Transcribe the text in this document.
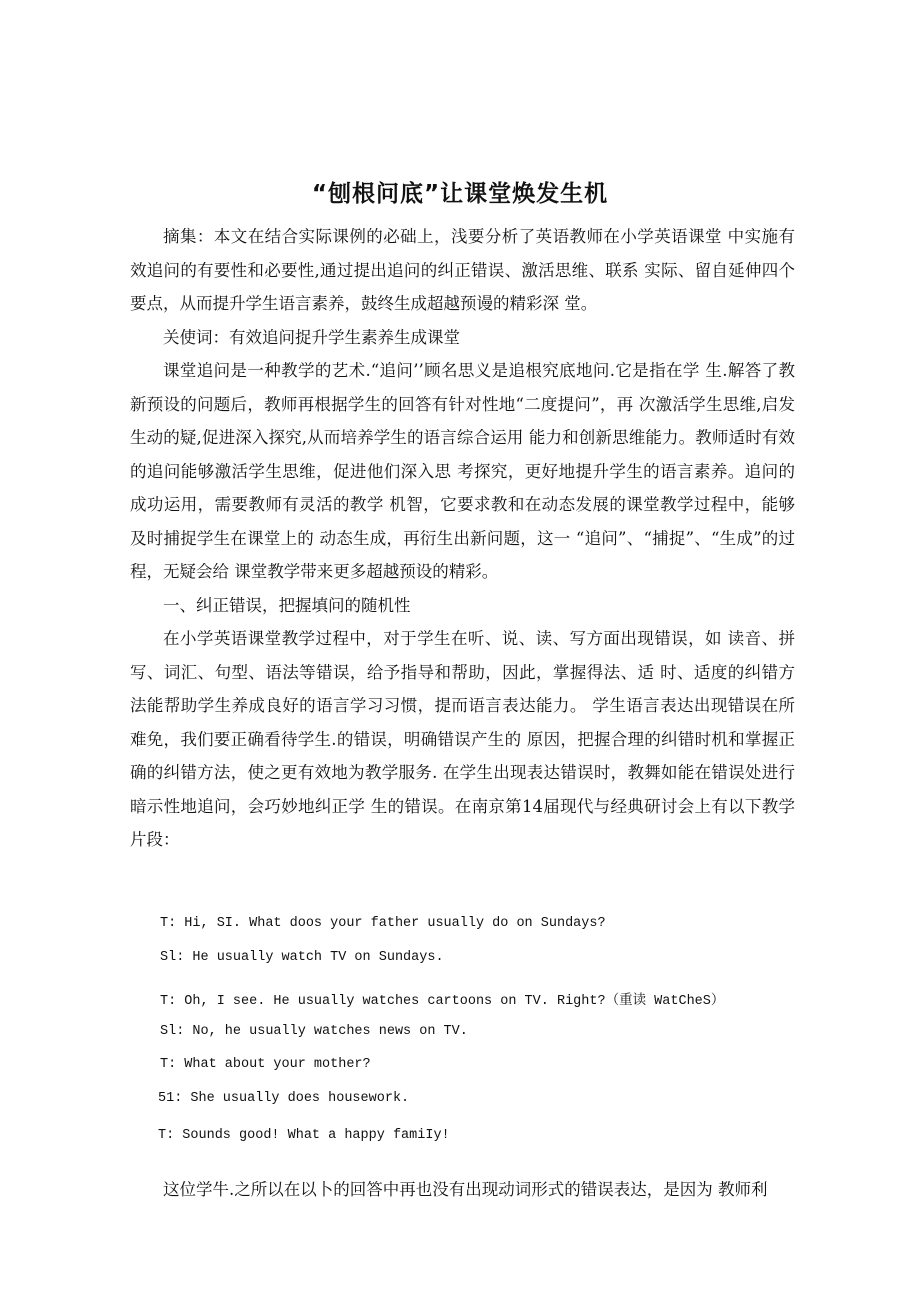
“刨根问底”让课堂焕发生机

摘集：本文在结合实际课例的必础上，浅要分析了英语教师在小学英语课堂 中实施有效追问的有要性和必要性,通过提出追问的纠正错误、激活思维、联系 实际、留自延伸四个要点，从而提升学生语言素养，鼓终生成超越预谩的精彩深 堂。

关使词：有效追问捉升学生素养生成课堂

课堂追问是一种教学的艺术.“追问’’顾名思义是追根究底地问.它是指在学 生.解答了教新预设的问题后，教师再根据学生的回答有针对性地“二度提问”，再 次激活学生思维,启发生动的疑,促进深入探究,从而培养学生的语言综合运用 能力和创新思维能力。教师适时有效的追问能够激活学生思维，促进他们深入思 考探究，更好地提升学生的语言素养。追问的成功运用，需要教师有灵活的教学 机智，它要求教和在动态发展的课堂教学过程中，能够及时捕捉学生在课堂上的 动态生成，再衍生出新问题，这一 “追问”、“捕捉”、“生成”的过程，无疑会给 课堂教学带来更多超越预设的精彩。

一、纠正错误，把握填问的随机性

在小学英语课堂教学过程中，对于学生在听、说、读、写方面出现错误，如 读音、拼写、词汇、句型、语法等错误，给予指导和帮助，因此，掌握得法、适 时、适度的纠错方法能帮助学生养成良好的语言学习习惯，提而语言表达能力。 学生语言表达出现错误在所难免，我们要正确看待学生.的错误，明确错误产生的 原因，把握合理的纠错时机和掌握正确的纠错方法，使之更有效地为教学服务. 在学生出现表达错误时，教舞如能在错误处进行暗示性地追问，会巧妙地纠正学 生的错误。在南京第14届现代与经典研讨会上有以下教学片段：

T: Hi, SI. What doos your father usually do on Sundays?
Sl: He usually watch TV on Sundays.
T: Oh, I see. He usually watches cartoons on TV. Right?（重读 WatCheS）
Sl: No, he usually watches news on TV.
T: What about your mother?
51: She usually does housework.
T: Sounds good! What a happy famiIy!
这位学牛.之所以在以卜的回答中再也没有出现动词形式的错误表达，是因为 教师利
